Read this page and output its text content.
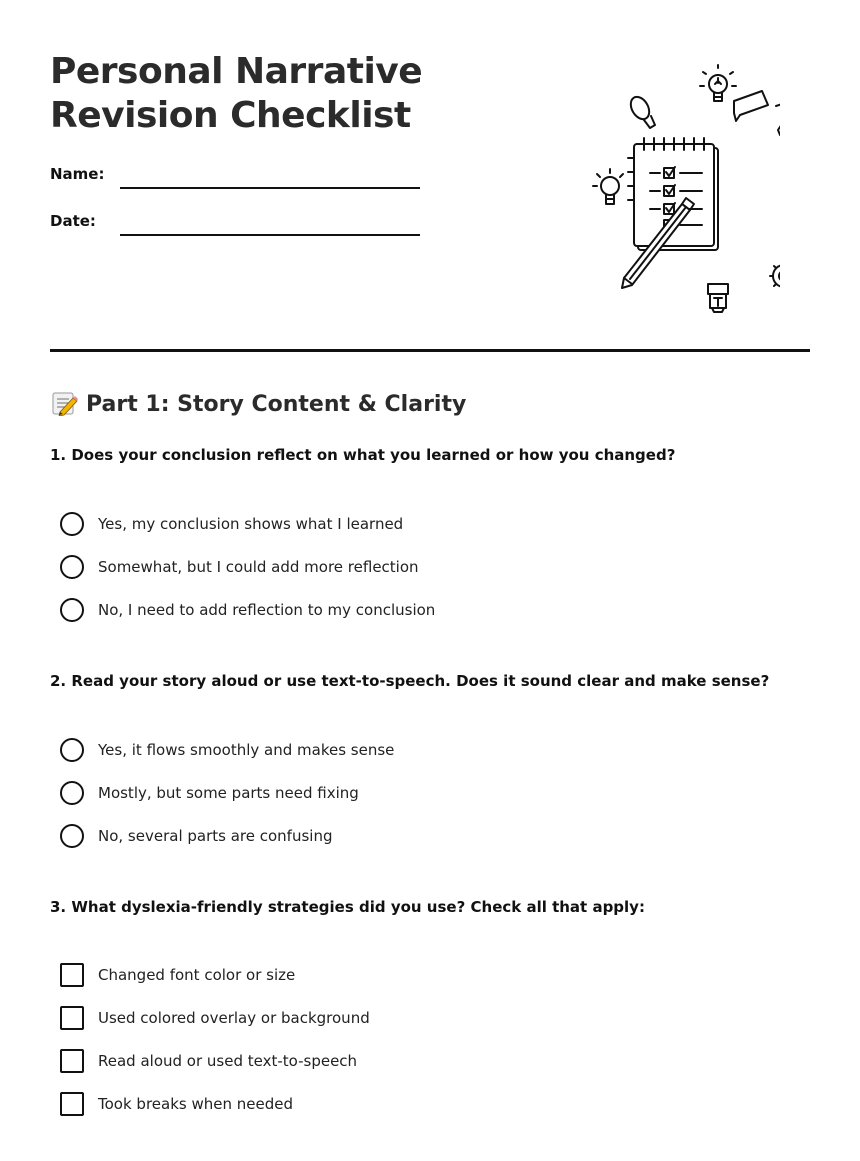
Personal Narrative
Revision Checklist
Name:
Date:
Part 1: Story Content & Clarity

1. Does your conclusion reflect on what you learned or how you changed?

Yes, my conclusion shows what I learned
Somewhat, but I could add more reflection
No, I need to add reflection to my conclusion

2. Read your story aloud or use text-to-speech. Does it sound clear and make sense?

Yes, it flows smoothly and makes sense
Mostly, but some parts need fixing
No, several parts are confusing

3. What dyslexia-friendly strategies did you use? Check all that apply:

Changed font color or size
Used colored overlay or background
Read aloud or used text-to-speech
Took breaks when needed
